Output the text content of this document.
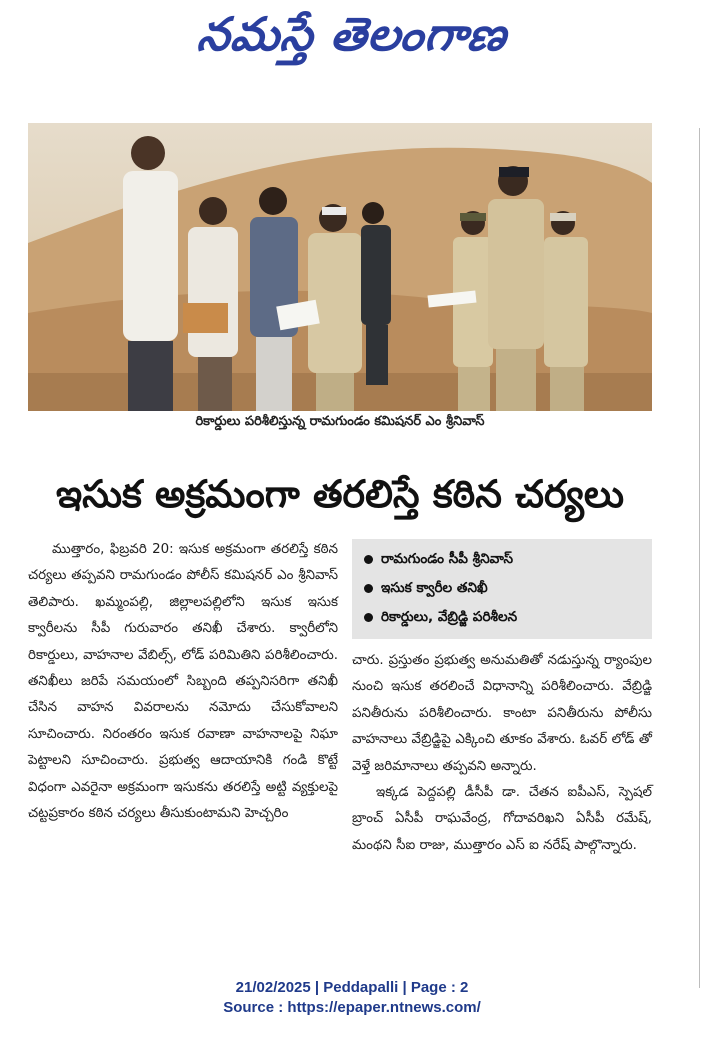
నమస్తే తెలంగాణ
రికార్డులు పరిశీలిస్తున్న రామగుండం కమిషనర్ ఎం శ్రీనివాస్
ఇసుక అక్రమంగా తరలిస్తే కఠిన చర్యలు

ముత్తారం, ఫిబ్రవరి 20: ఇసుక అక్రమంగా తరలిస్తే కఠిన చర్యలు తప్పవని రామగుండం పోలీస్ కమిషనర్ ఎం శ్రీనివాస్ తెలిపారు. ఖమ్మంపల్లి, జిల్లాలపల్లిలోని ఇసుక ఇసుక క్వారీలను సీపీ గురువారం తనిఖీ చేశారు. క్వారీలోని రికార్డులు, వాహనాల వేబిల్స్, లోడ్ పరిమితిని పరిశీలించారు. తనిఖీలు జరిపే సమయంలో సిబ్బంది తప్పనిసరిగా తనిఖీ చేసిన వాహన వివరాలను నమోదు చేసుకోవాలని సూచించారు. నిరంతరం ఇసుక రవాణా వాహనాలపై నిఘా పెట్టాలని సూచించారు. ప్రభుత్వ ఆదాయానికి గండి కొట్టే విధంగా ఎవరైనా అక్రమంగా ఇసుకను తరలిస్తే అట్టి వ్యక్తులపై చట్టప్రకారం కఠిన చర్యలు తీసుకుంటామని హెచ్చరిం

రామగుండం సీపీ శ్రీనివాస్
ఇసుక క్వారీల తనిఖీ
రికార్డులు, వేబ్రిడ్జి పరిశీలన

చారు. ప్రస్తుతం ప్రభుత్వ అనుమతితో నడుస్తున్న ర్యాంపుల నుంచి ఇసుక తరలించే విధానాన్ని పరిశీలించారు. వేబ్రిడ్జి పనితీరును పరిశీలించారు. కాంటా పనితీరును పోలీసు వాహనాలు వేబ్రిడ్జిపై ఎక్కించి తూకం వేశారు. ఓవర్ లోడ్ తో వెళ్తే జరిమానాలు తప్పవని అన్నారు.

ఇక్కడ పెద్దపల్లి డీసీపీ డా. చేతన ఐపీఎస్, స్పెషల్ బ్రాంచ్ ఏసీపీ రాఘవేంద్ర, గోదావరిఖని ఏసీపీ రమేష్, మంథని సీఐ రాజు, ముత్తారం ఎస్ ఐ నరేష్ పాల్గొన్నారు.

21/02/2025 | Peddapalli | Page : 2
Source : https://epaper.ntnews.com/
